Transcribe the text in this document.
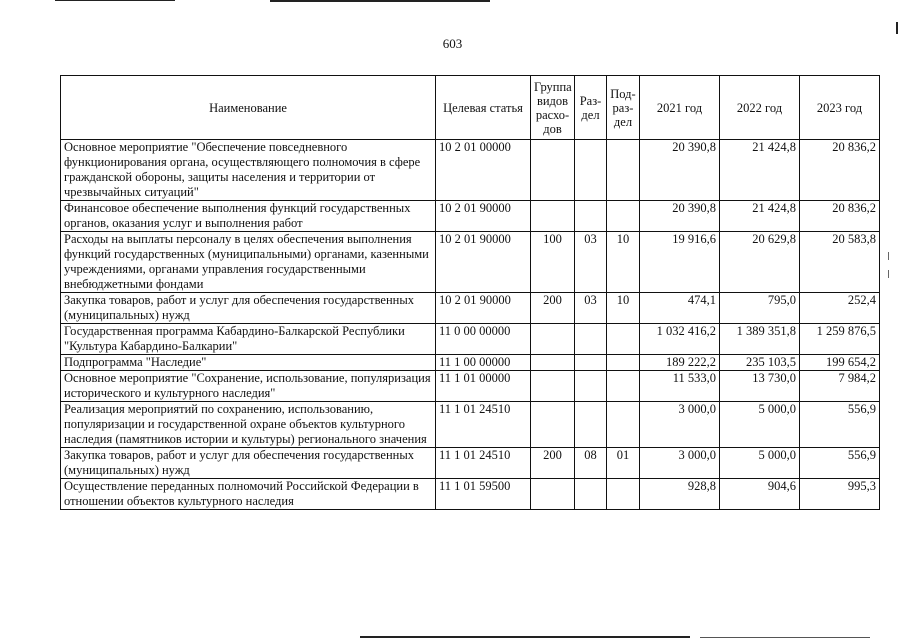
603
Наименование	Целевая статья	Группа видов расхо- дов	Раз- дел	Под- раз- дел	2021 год	2022 год	2023 год
Основное мероприятие "Обеспечение повседневного функционирования органа, осуществляющего полномочия в сфере гражданской обороны, защиты населения и территории от чрезвычайных ситуаций"	10 2 01 00000				20 390,8	21 424,8	20 836,2
Финансовое обеспечение выполнения функций государственных органов, оказания услуг и выполнения работ	10 2 01 90000				20 390,8	21 424,8	20 836,2
Расходы на выплаты персоналу в целях обеспечения выполнения функций государственных (муниципальными) органами, казенными учреждениями, органами управления государственными внебюджетными фондами	10 2 01 90000	100	03	10	19 916,6	20 629,8	20 583,8
Закупка товаров, работ и услуг для обеспечения государственных (муниципальных) нужд	10 2 01 90000	200	03	10	474,1	795,0	252,4
Государственная программа Кабардино-Балкарской Республики "Культура Кабардино-Балкарии"	11 0 00 00000				1 032 416,2	1 389 351,8	1 259 876,5
Подпрограмма "Наследие"	11 1 00 00000				189 222,2	235 103,5	199 654,2
Основное мероприятие "Сохранение, использование, популяризация исторического и культурного наследия"	11 1 01 00000				11 533,0	13 730,0	7 984,2
Реализация мероприятий по сохранению, использованию, популяризации и государственной охране объектов культурного наследия (памятников истории и культуры) регионального значения	11 1 01 24510				3 000,0	5 000,0	556,9
Закупка товаров, работ и услуг для обеспечения государственных (муниципальных) нужд	11 1 01 24510	200	08	01	3 000,0	5 000,0	556,9
Осуществление переданных полномочий Российской Федерации в отношении объектов культурного наследия	11 1 01 59500				928,8	904,6	995,3
